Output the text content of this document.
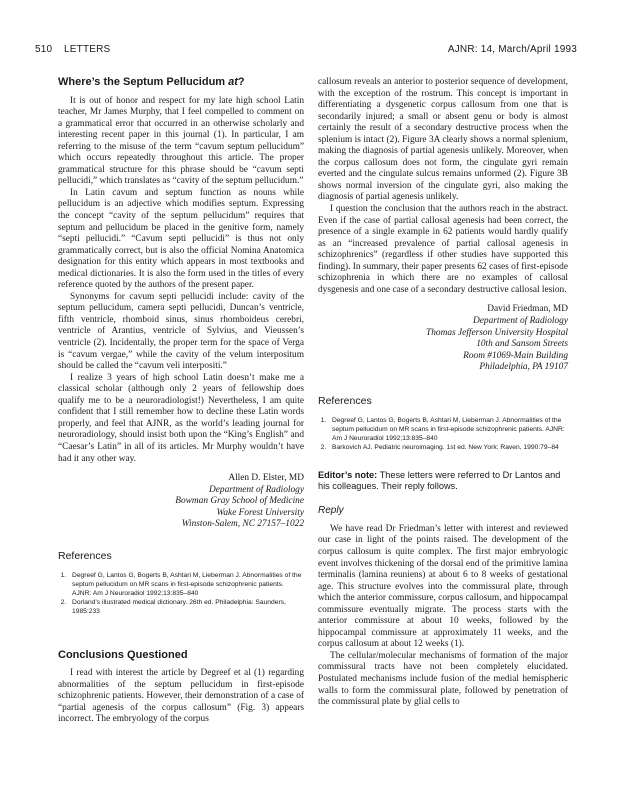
510 LETTERS	AJNR: 14, March/April 1993
Where’s the Septum Pellucidum at?

It is out of honor and respect for my late high school Latin teacher, Mr James Murphy, that I feel compelled to comment on a grammatical error that occurred in an otherwise scholarly and interesting recent paper in this journal (1). In particular, I am referring to the misuse of the term “cavum septum pellucidum” which occurs repeatedly throughout this article. The proper grammatical structure for this phrase should be “cavum septi pellucidi,” which translates as “cavity of the septum pellucidum.”

In Latin cavum and septum function as nouns while pellucidum is an adjective which modifies septum. Expressing the concept “cavity of the septum pellucidum” requires that septum and pellucidum be placed in the genitive form, namely “septi pellucidi.” “Cavum septi pellucidi” is thus not only grammatically correct, but is also the official Nomina Anatomica designation for this entity which appears in most textbooks and medical dictionaries. It is also the form used in the titles of every reference quoted by the authors of the present paper.

Synonyms for cavum septi pellucidi include: cavity of the septum pellucidum, camera septi pellucidi, Duncan’s ventricle, fifth ventricle, rhomboid sinus, sinus rhomboideus cerebri, ventricle of Arantius, ventricle of Sylvius, and Vieussen’s ventricle (2). Incidentally, the proper term for the space of Verga is “cavum vergae,” while the cavity of the velum interpositum should be called the “cavum veli interpositi.”

I realize 3 years of high school Latin doesn’t make me a classical scholar (although only 2 years of fellowship does qualify me to be a neuroradiologist!) Nevertheless, I am quite confident that I still remember how to decline these Latin words properly, and feel that AJNR, as the world’s leading journal for neuroradiology, should insist both upon the “King’s English” and “Caesar’s Latin” in all of its articles. Mr Murphy wouldn’t have had it any other way.

Allen D. Elster, MD
Department of Radiology
Bowman Gray School of Medicine
Wake Forest University
Winston-Salem, NC 27157–1022
References
1. Degreef G, Lantos G, Bogerts B, Ashtari M, Lieberman J. Abnormalities of the septum pellucidum on MR scans in first-episode schizophrenic patients. AJNR: Am J Neuroradiol 1992;13:835–840
2. Dorland’s illustrated medical dictionary. 26th ed. Philadelphia: Saunders, 1985:233
Conclusions Questioned

I read with interest the article by Degreef et al (1) regarding abnormalities of the septum pellucidum in first-episode schizophrenic patients. However, their demonstration of a case of “partial agenesis of the corpus callosum” (Fig. 3) appears incorrect. The embryology of the corpus

callosum reveals an anterior to posterior sequence of development, with the exception of the rostrum. This concept is important in differentiating a dysgenetic corpus callosum from one that is secondarily injured; a small or absent genu or body is almost certainly the result of a secondary destructive process when the splenium is intact (2). Figure 3A clearly shows a normal splenium, making the diagnosis of partial agenesis unlikely. Moreover, when the corpus callosum does not form, the cingulate gyri remain everted and the cingulate sulcus remains unformed (2). Figure 3B shows normal inversion of the cingulate gyri, also making the diagnosis of partial agenesis unlikely.

I question the conclusion that the authors reach in the abstract. Even if the case of partial callosal agenesis had been correct, the presence of a single example in 62 patients would hardly qualify as an “increased prevalence of partial callosal agenesis in schizophrenics” (regardless if other studies have supported this finding). In summary, their paper presents 62 cases of first-episode schizophrenia in which there are no examples of callosal dysgenesis and one case of a secondary destructive callosal lesion.

David Friedman, MD
Department of Radiology
Thomas Jefferson University Hospital
10th and Sansom Streets
Room #1069-Main Building
Philadelphia, PA 19107
References
1. Degreef G, Lantos G, Bogerts B, Ashtari M, Lieberman J. Abnormalities of the septum pellucidum on MR scans in first-episode schizophrenic patients. AJNR: Am J Neuroradiol 1992;13:835–840
2. Barkovich AJ. Pediatric neuroimaging. 1st ed. New York: Raven, 1990:79–84
Editor’s note: These letters were referred to Dr Lantos and his colleagues. Their reply follows.
Reply

We have read Dr Friedman’s letter with interest and reviewed our case in light of the points raised. The development of the corpus callosum is quite complex. The first major embryologic event involves thickening of the dorsal end of the primitive lamina terminalis (lamina reuniens) at about 6 to 8 weeks of gestational age. This structure evolves into the commissural plate, through which the anterior commissure, corpus callosum, and hippocampal commissure eventually migrate. The process starts with the anterior commissure at about 10 weeks, followed by the hippocampal commissure at approximately 11 weeks, and the corpus callosum at about 12 weeks (1).

The cellular/molecular mechanisms of formation of the major commissural tracts have not been completely elucidated. Postulated mechanisms include fusion of the medial hemispheric walls to form the commissural plate, followed by penetration of the commissural plate by glial cells to
